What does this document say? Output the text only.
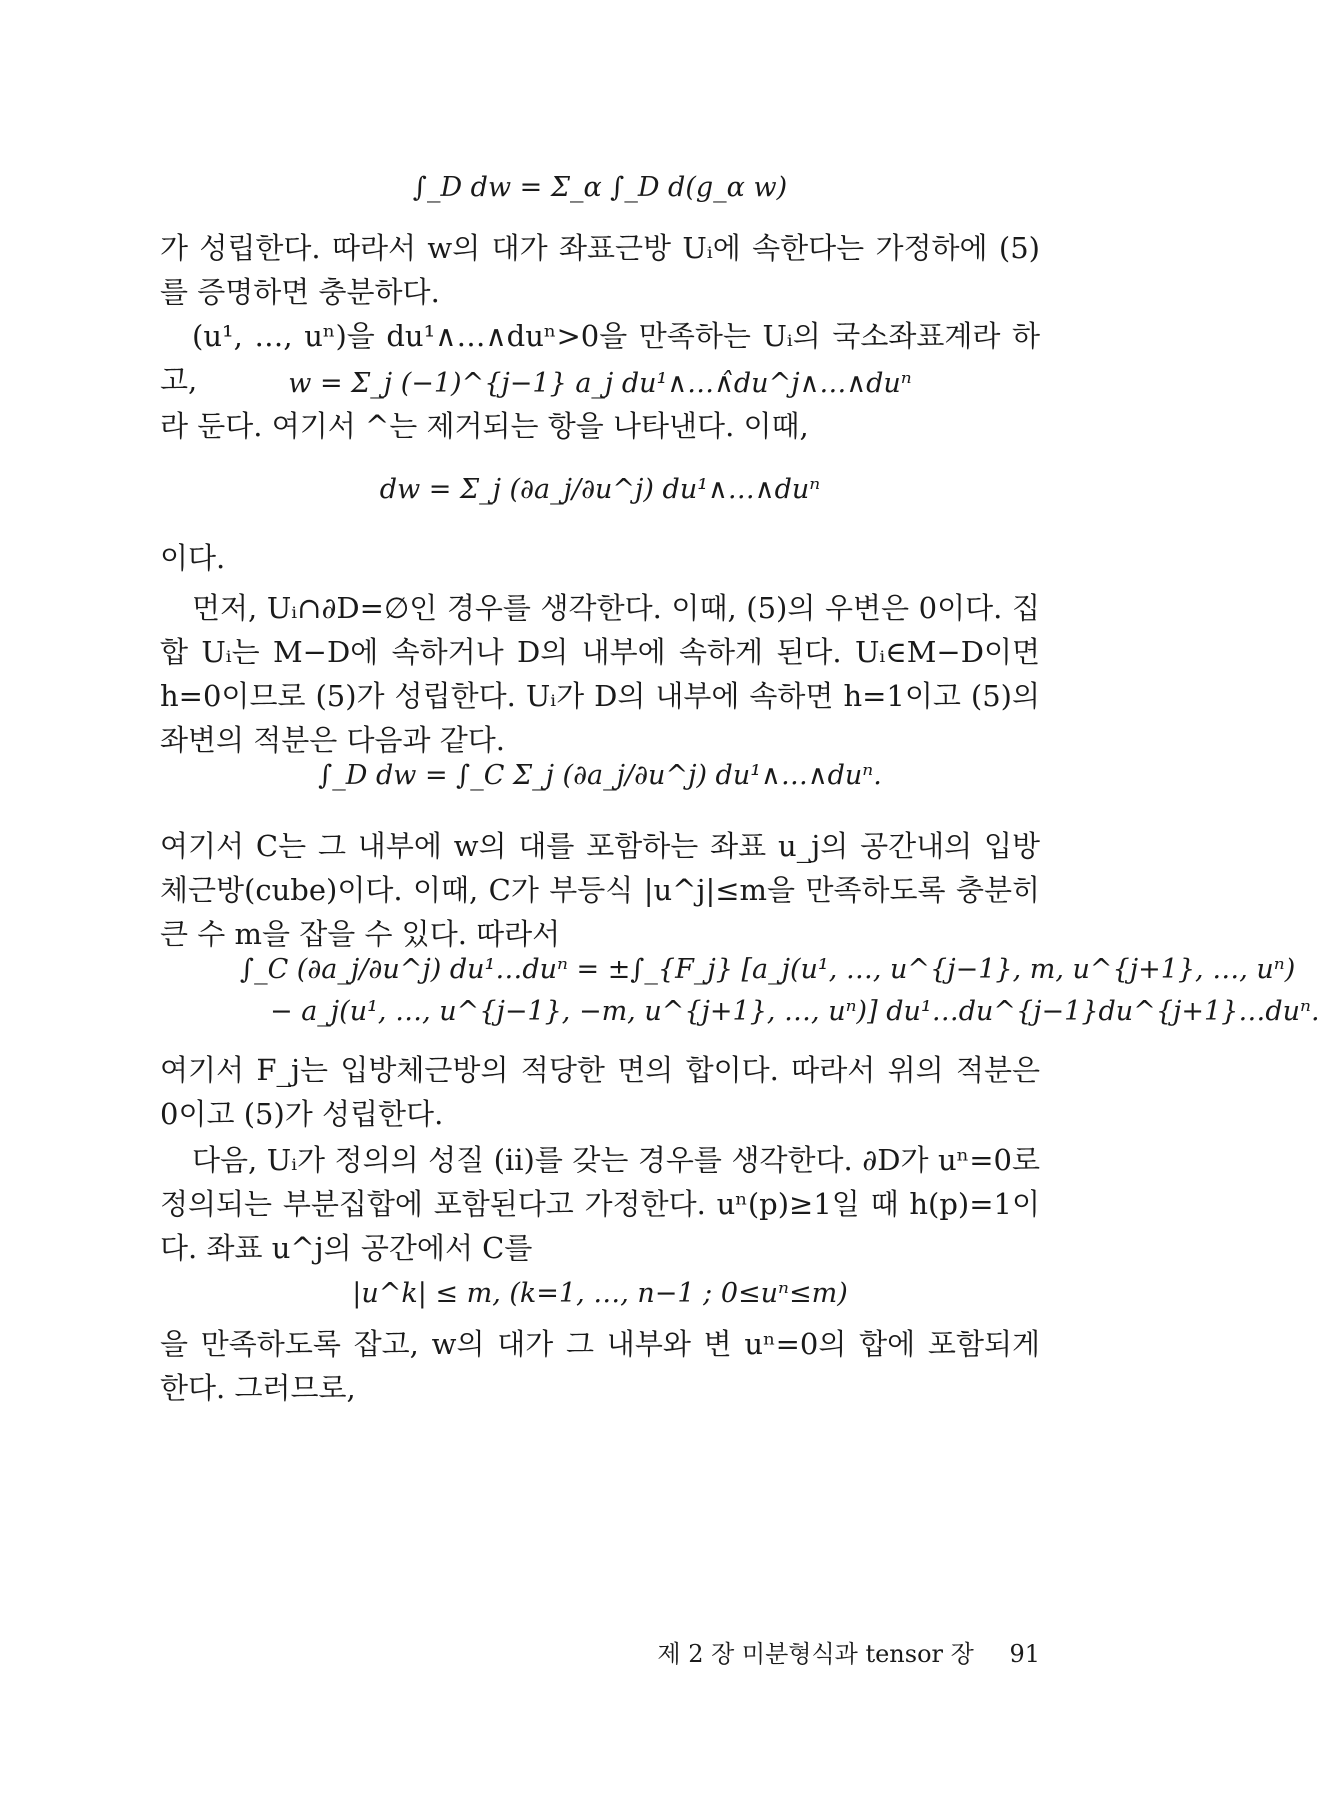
∫_D dw = Σ_α ∫_D d(g_α w)

가 성립한다. 따라서 w의 대가 좌표근방 Uᵢ에 속한다는 가정하에 (5)를 증명하면 충분하다.

(u¹, …, uⁿ)을 du¹∧…∧duⁿ>0을 만족하는 Uᵢ의 국소좌표계라 하고,	w = Σ_j (−1)^{j−1} a_j du¹∧…∧̂du^j∧…∧duⁿ

라 둔다. 여기서 ^는 제거되는 항을 나타낸다. 이때,

dw = Σ_j (∂a_j/∂u^j) du¹∧…∧duⁿ

이다.

먼저, Uᵢ∩∂D=∅인 경우를 생각한다. 이때, (5)의 우변은 0이다. 집합 Uᵢ는 M−D에 속하거나 D의 내부에 속하게 된다. Uᵢ∈M−D이면 h=0이므로 (5)가 성립한다. Uᵢ가 D의 내부에 속하면 h=1이고 (5)의 좌변의 적분은 다음과 같다.

∫_D dw = ∫_C Σ_j (∂a_j/∂u^j) du¹∧…∧duⁿ.

여기서 C는 그 내부에 w의 대를 포함하는 좌표 u_j의 공간내의 입방체근방(cube)이다. 이때, C가 부등식 |u^j|≤m을 만족하도록 충분히 큰 수 m을 잡을 수 있다. 따라서

∫_C (∂a_j/∂u^j) du¹…duⁿ = ±∫_{F_j} [a_j(u¹, …, u^{j−1}, m, u^{j+1}, …, uⁿ)
− a_j(u¹, …, u^{j−1}, −m, u^{j+1}, …, uⁿ)] du¹…du^{j−1}du^{j+1}…duⁿ.

여기서 F_j는 입방체근방의 적당한 면의 합이다. 따라서 위의 적분은 0이고 (5)가 성립한다.

다음, Uᵢ가 정의의 성질 (ii)를 갖는 경우를 생각한다. ∂D가 uⁿ=0로 정의되는 부분집합에 포함된다고 가정한다. uⁿ(p)≥1일 때 h(p)=1이다. 좌표 u^j의 공간에서 C를

|u^k| ≤ m, (k=1, …, n−1 ; 0≤uⁿ≤m)

을 만족하도록 잡고, w의 대가 그 내부와 변 uⁿ=0의 합에 포함되게 한다. 그러므로,

제 2 장 미분형식과 tensor 장 91
